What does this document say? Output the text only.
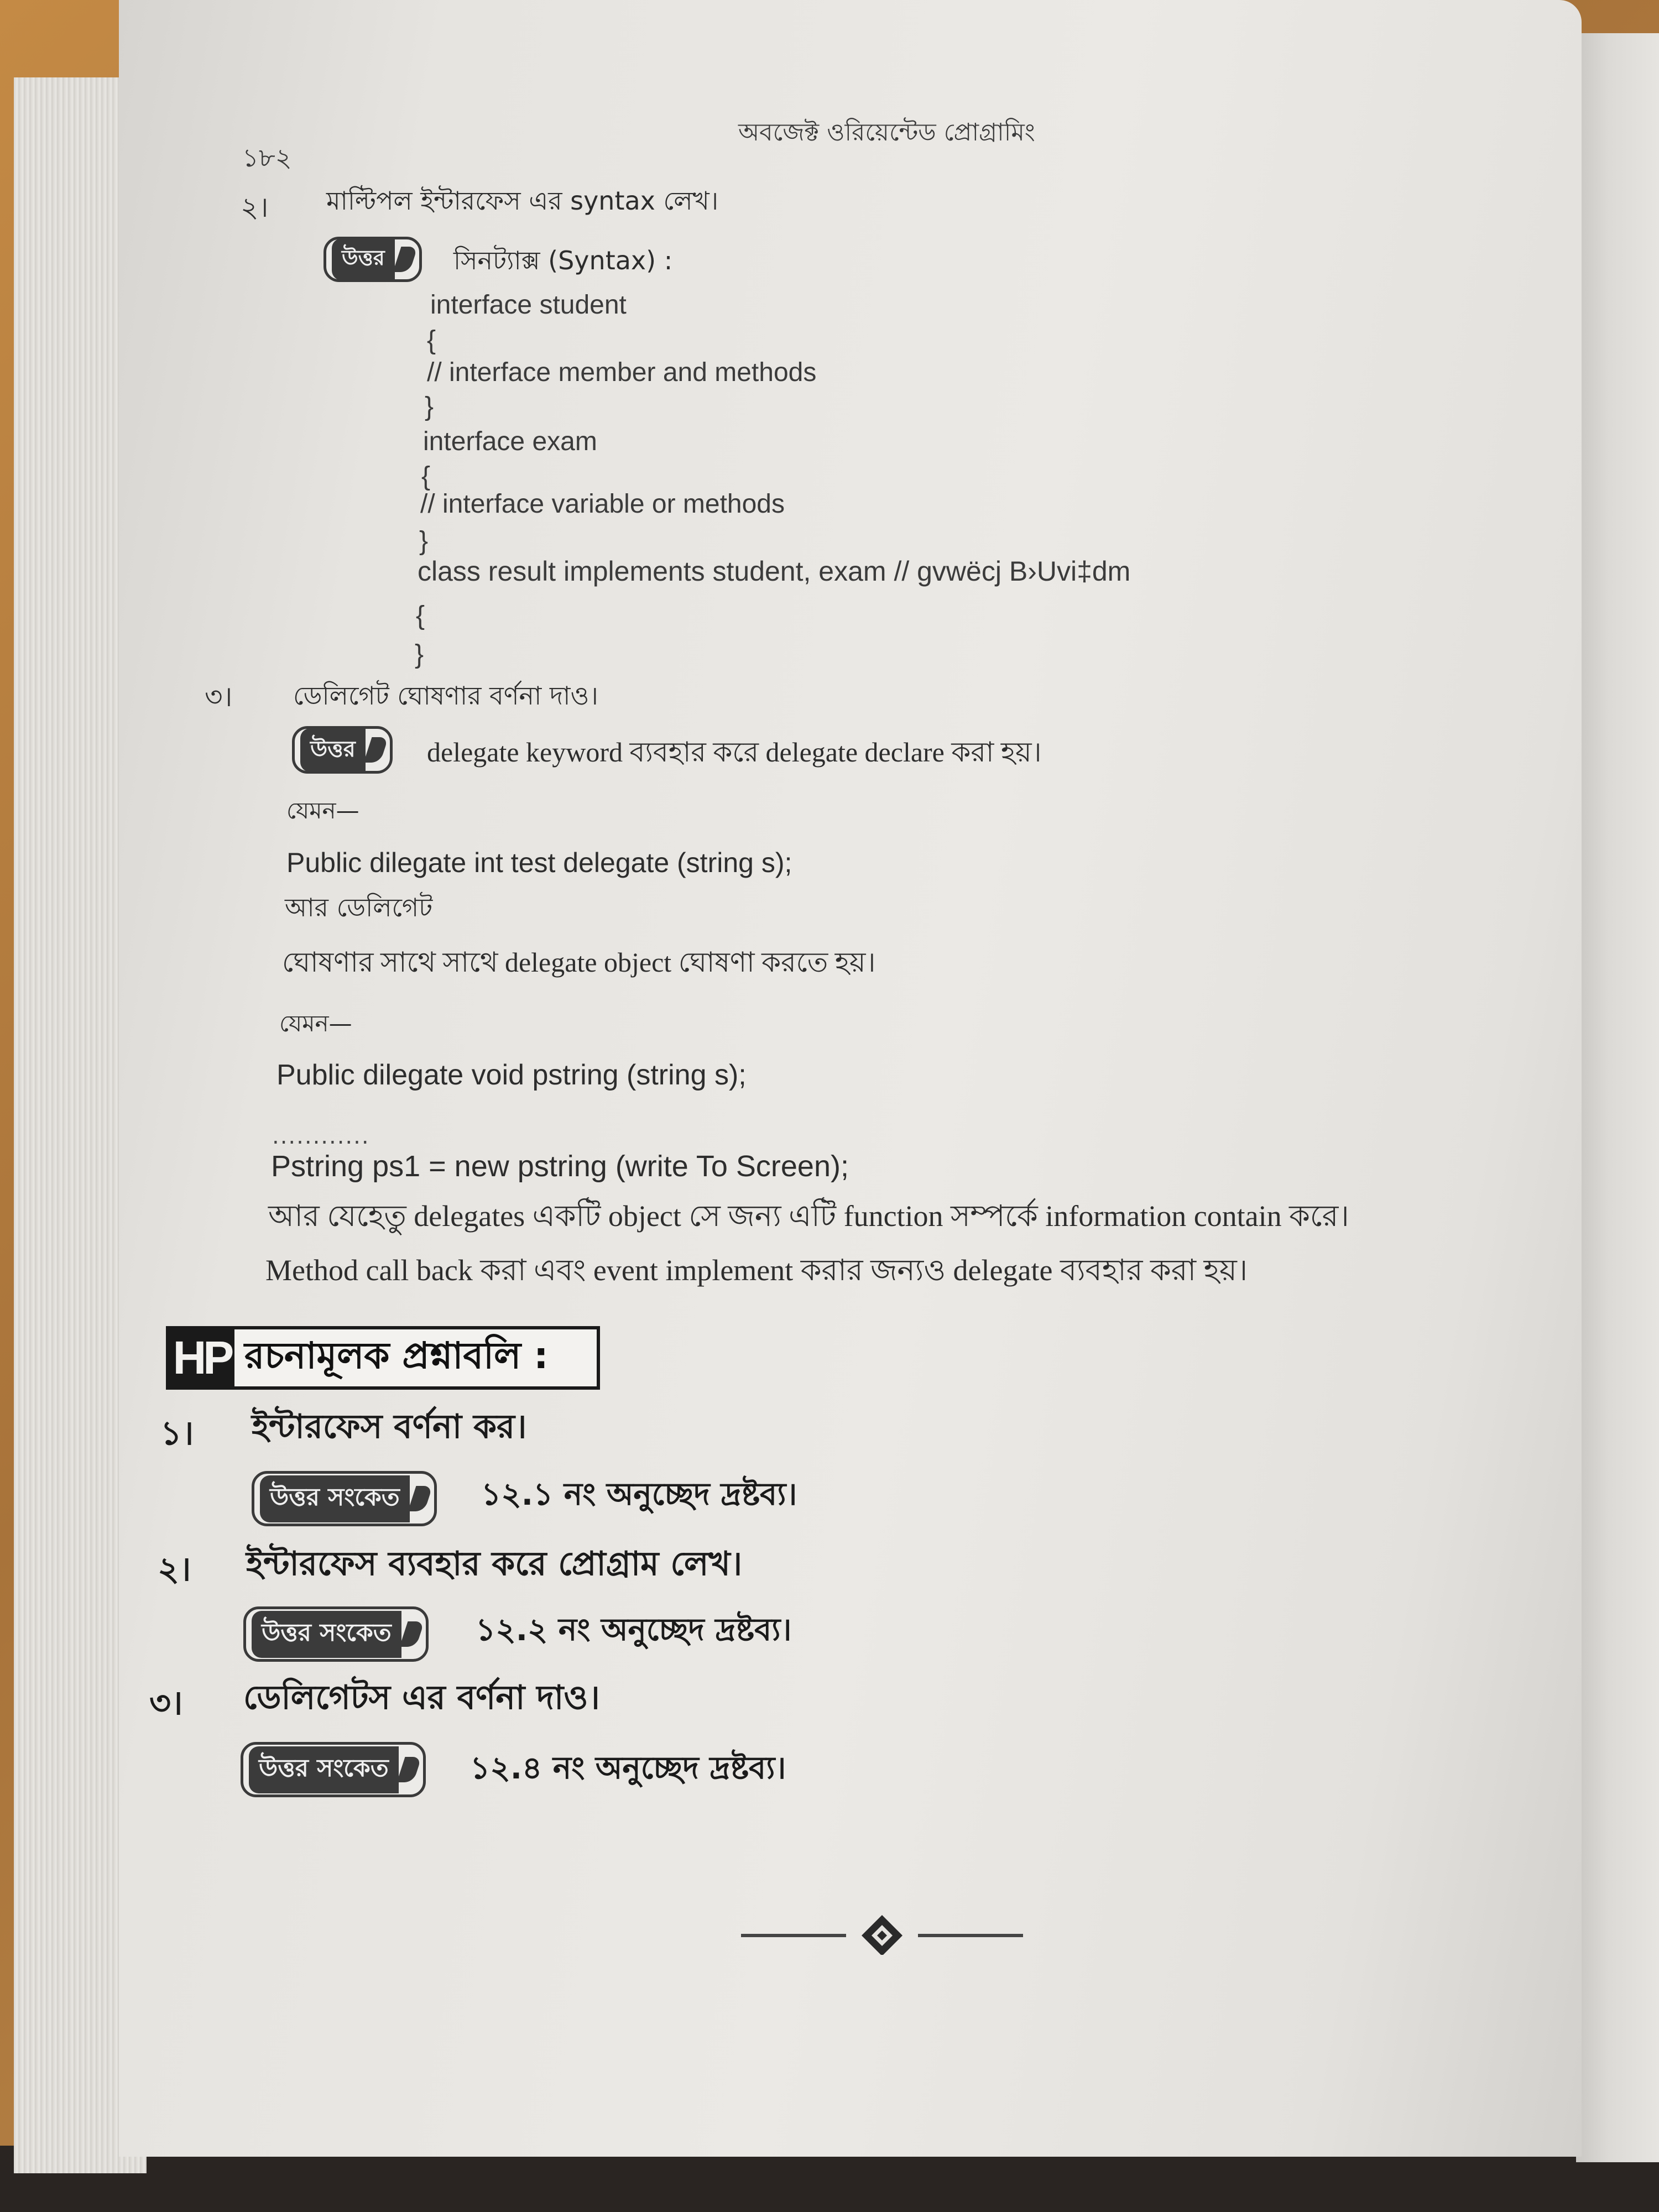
১৮২
অবজেক্ট ওরিয়েন্টেড প্রোগ্রামিং
২। মাল্টিপল ইন্টারফেস এর syntax লেখ।
উত্তর	সিনট্যাক্স (Syntax) :
interface student
{
// interface member and methods
}
interface exam
{
// interface variable or methods
}
class result implements student, exam // gvwëcj B›Uvi‡dm
{
}
৩। ডেলিগেট ঘোষণার বর্ণনা দাও।
উত্তর	delegate keyword ব্যবহার করে delegate declare করা হয়।
যেমন—
Public dilegate int test delegate (string s);
আর ডেলিগেট
ঘোষণার সাথে সাথে delegate object ঘোষণা করতে হয়।
যেমন—
Public dilegate void pstring (string s);
............
Pstring ps1 = new pstring (write To Screen);
আর যেহেতু delegates একটি object সে জন্য এটি function সম্পর্কে information contain করে।
Method call back করা এবং event implement করার জন্যও delegate ব্যবহার করা হয়।
HP রচনামূলক প্রশ্নাবলি :
১। ইন্টারফেস বর্ণনা কর।
উত্তর সংকেত	১২.১ নং অনুচ্ছেদ দ্রষ্টব্য।
২। ইন্টারফেস ব্যবহার করে প্রোগ্রাম লেখ।
উত্তর সংকেত	১২.২ নং অনুচ্ছেদ দ্রষ্টব্য।
৩। ডেলিগেটস এর বর্ণনা দাও।
উত্তর সংকেত	১২.৪ নং অনুচ্ছেদ দ্রষ্টব্য।
